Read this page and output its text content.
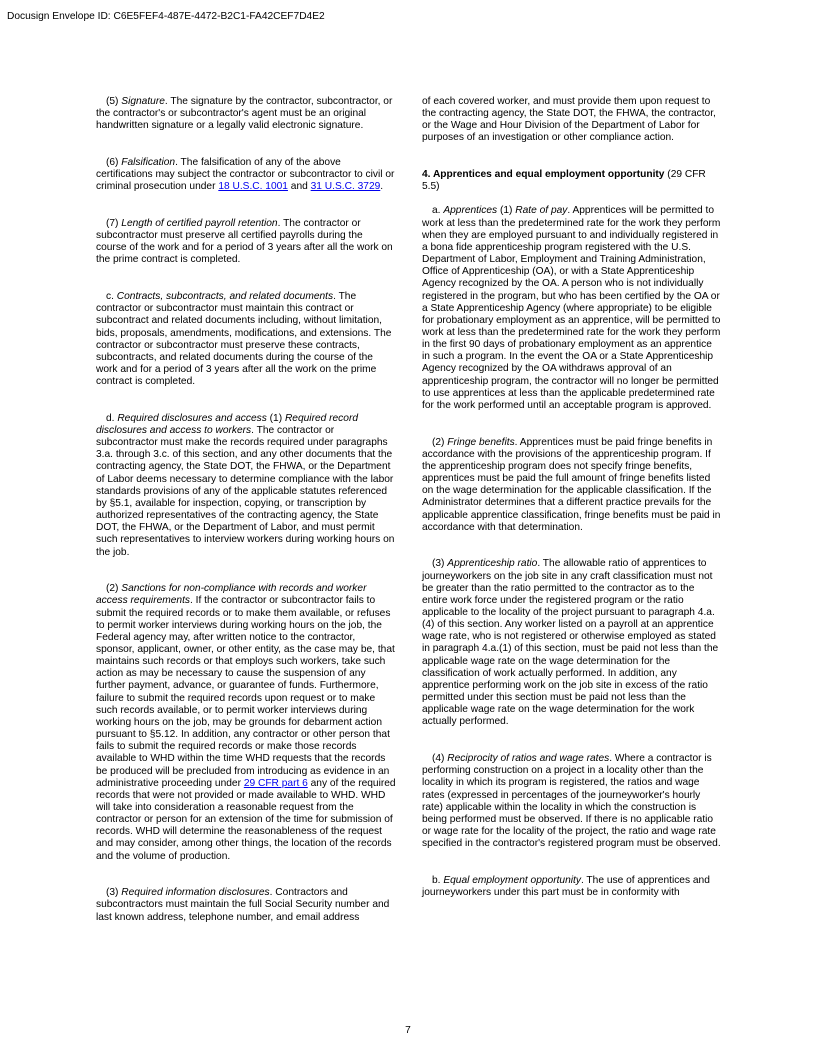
Docusign Envelope ID: C6E5FEF4-487E-4472-B2C1-FA42CEF7D4E2

(5) Signature. The signature by the contractor, subcontractor, or the contractor's or subcontractor's agent must be an original handwritten signature or a legally valid electronic signature.

(6) Falsification. The falsification of any of the above certifications may subject the contractor or subcontractor to civil or criminal prosecution under 18 U.S.C. 1001 and 31 U.S.C. 3729.

(7) Length of certified payroll retention. The contractor or subcontractor must preserve all certified payrolls during the course of the work and for a period of 3 years after all the work on the prime contract is completed.

c. Contracts, subcontracts, and related documents. The contractor or subcontractor must maintain this contract or subcontract and related documents including, without limitation, bids, proposals, amendments, modifications, and extensions. The contractor or subcontractor must preserve these contracts, subcontracts, and related documents during the course of the work and for a period of 3 years after all the work on the prime contract is completed.

d. Required disclosures and access (1) Required record disclosures and access to workers. The contractor or subcontractor must make the records required under paragraphs 3.a. through 3.c. of this section, and any other documents that the contracting agency, the State DOT, the FHWA, or the Department of Labor deems necessary to determine compliance with the labor standards provisions of any of the applicable statutes referenced by §5.1, available for inspection, copying, or transcription by authorized representatives of the contracting agency, the State DOT, the FHWA, or the Department of Labor, and must permit such representatives to interview workers during working hours on the job.

(2) Sanctions for non-compliance with records and worker access requirements. If the contractor or subcontractor fails to submit the required records or to make them available, or refuses to permit worker interviews during working hours on the job, the Federal agency may, after written notice to the contractor, sponsor, applicant, owner, or other entity, as the case may be, that maintains such records or that employs such workers, take such action as may be necessary to cause the suspension of any further payment, advance, or guarantee of funds. Furthermore, failure to submit the required records upon request or to make such records available, or to permit worker interviews during working hours on the job, may be grounds for debarment action pursuant to §5.12. In addition, any contractor or other person that fails to submit the required records or make those records available to WHD within the time WHD requests that the records be produced will be precluded from introducing as evidence in an administrative proceeding under 29 CFR part 6 any of the required records that were not provided or made available to WHD. WHD will take into consideration a reasonable request from the contractor or person for an extension of the time for submission of records. WHD will determine the reasonableness of the request and may consider, among other things, the location of the records and the volume of production.

(3) Required information disclosures. Contractors and subcontractors must maintain the full Social Security number and last known address, telephone number, and email address

of each covered worker, and must provide them upon request to the contracting agency, the State DOT, the FHWA, the contractor, or the Wage and Hour Division of the Department of Labor for purposes of an investigation or other compliance action.

4. Apprentices and equal employment opportunity (29 CFR 5.5)

a. Apprentices (1) Rate of pay. Apprentices will be permitted to work at less than the predetermined rate for the work they perform when they are employed pursuant to and individually registered in a bona fide apprenticeship program registered with the U.S. Department of Labor, Employment and Training Administration, Office of Apprenticeship (OA), or with a State Apprenticeship Agency recognized by the OA. A person who is not individually registered in the program, but who has been certified by the OA or a State Apprenticeship Agency (where appropriate) to be eligible for probationary employment as an apprentice, will be permitted to work at less than the predetermined rate for the work they perform in the first 90 days of probationary employment as an apprentice in such a program. In the event the OA or a State Apprenticeship Agency recognized by the OA withdraws approval of an apprenticeship program, the contractor will no longer be permitted to use apprentices at less than the applicable predetermined rate for the work performed until an acceptable program is approved.

(2) Fringe benefits. Apprentices must be paid fringe benefits in accordance with the provisions of the apprenticeship program. If the apprenticeship program does not specify fringe benefits, apprentices must be paid the full amount of fringe benefits listed on the wage determination for the applicable classification. If the Administrator determines that a different practice prevails for the applicable apprentice classification, fringe benefits must be paid in accordance with that determination.

(3) Apprenticeship ratio. The allowable ratio of apprentices to journeyworkers on the job site in any craft classification must not be greater than the ratio permitted to the contractor as to the entire work force under the registered program or the ratio applicable to the locality of the project pursuant to paragraph 4.a.(4) of this section. Any worker listed on a payroll at an apprentice wage rate, who is not registered or otherwise employed as stated in paragraph 4.a.(1) of this section, must be paid not less than the applicable wage rate on the wage determination for the classification of work actually performed. In addition, any apprentice performing work on the job site in excess of the ratio permitted under this section must be paid not less than the applicable wage rate on the wage determination for the work actually performed.

(4) Reciprocity of ratios and wage rates. Where a contractor is performing construction on a project in a locality other than the locality in which its program is registered, the ratios and wage rates (expressed in percentages of the journeyworker's hourly rate) applicable within the locality in which the construction is being performed must be observed. If there is no applicable ratio or wage rate for the locality of the project, the ratio and wage rate specified in the contractor's registered program must be observed.

b. Equal employment opportunity. The use of apprentices and journeyworkers under this part must be in conformity with

7
